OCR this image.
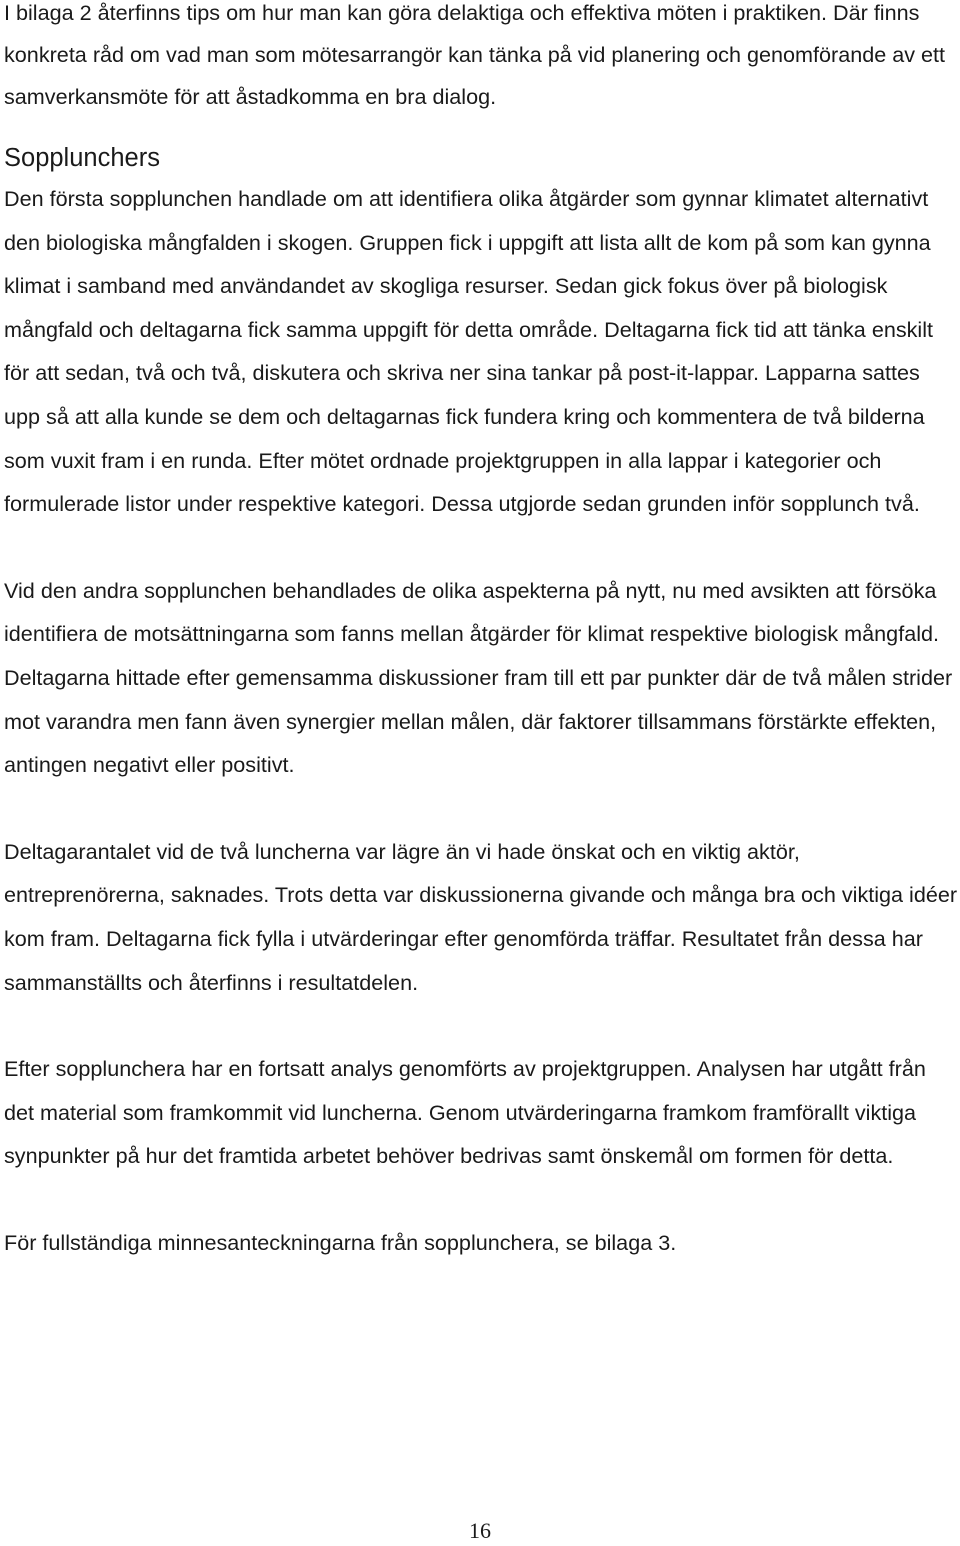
I bilaga 2 återfinns tips om hur man kan göra delaktiga och effektiva möten i praktiken. Där finns konkreta råd om vad man som mötesarrangör kan tänka på vid planering och genomförande av ett samverkansmöte för att åstadkomma en bra dialog.

Sopplunchers

Den första sopplunchen handlade om att identifiera olika åtgärder som gynnar klimatet alternativt den biologiska mångfalden i skogen. Gruppen fick i uppgift att lista allt de kom på som kan gynna klimat i samband med användandet av skogliga resurser. Sedan gick fokus över på biologisk mångfald och deltagarna fick samma uppgift för detta område. Deltagarna fick tid att tänka enskilt för att sedan, två och två, diskutera och skriva ner sina tankar på post-it-lappar. Lapparna sattes upp så att alla kunde se dem och deltagarnas fick fundera kring och kommentera de två bilderna som vuxit fram i en runda. Efter mötet ordnade projektgruppen in alla lappar i kategorier och formulerade listor under respektive kategori. Dessa utgjorde sedan grunden inför sopplunch två.

Vid den andra sopplunchen behandlades de olika aspekterna på nytt, nu med avsikten att försöka identifiera de motsättningarna som fanns mellan åtgärder för klimat respektive biologisk mångfald. Deltagarna hittade efter gemensamma diskussioner fram till ett par punkter där de två målen strider mot varandra men fann även synergier mellan målen, där faktorer tillsammans förstärkte effekten, antingen negativt eller positivt.

Deltagarantalet vid de två luncherna var lägre än vi hade önskat och en viktig aktör, entreprenörerna, saknades. Trots detta var diskussionerna givande och många bra och viktiga idéer kom fram. Deltagarna fick fylla i utvärderingar efter genomförda träffar. Resultatet från dessa har sammanställts och återfinns i resultatdelen.

Efter sopplunchera har en fortsatt analys genomförts av projektgruppen. Analysen har utgått från det material som framkommit vid luncherna. Genom utvärderingarna framkom framförallt viktiga synpunkter på hur det framtida arbetet behöver bedrivas samt önskemål om formen för detta.

För fullständiga minnesanteckningarna från sopplunchera, se bilaga 3.

16
